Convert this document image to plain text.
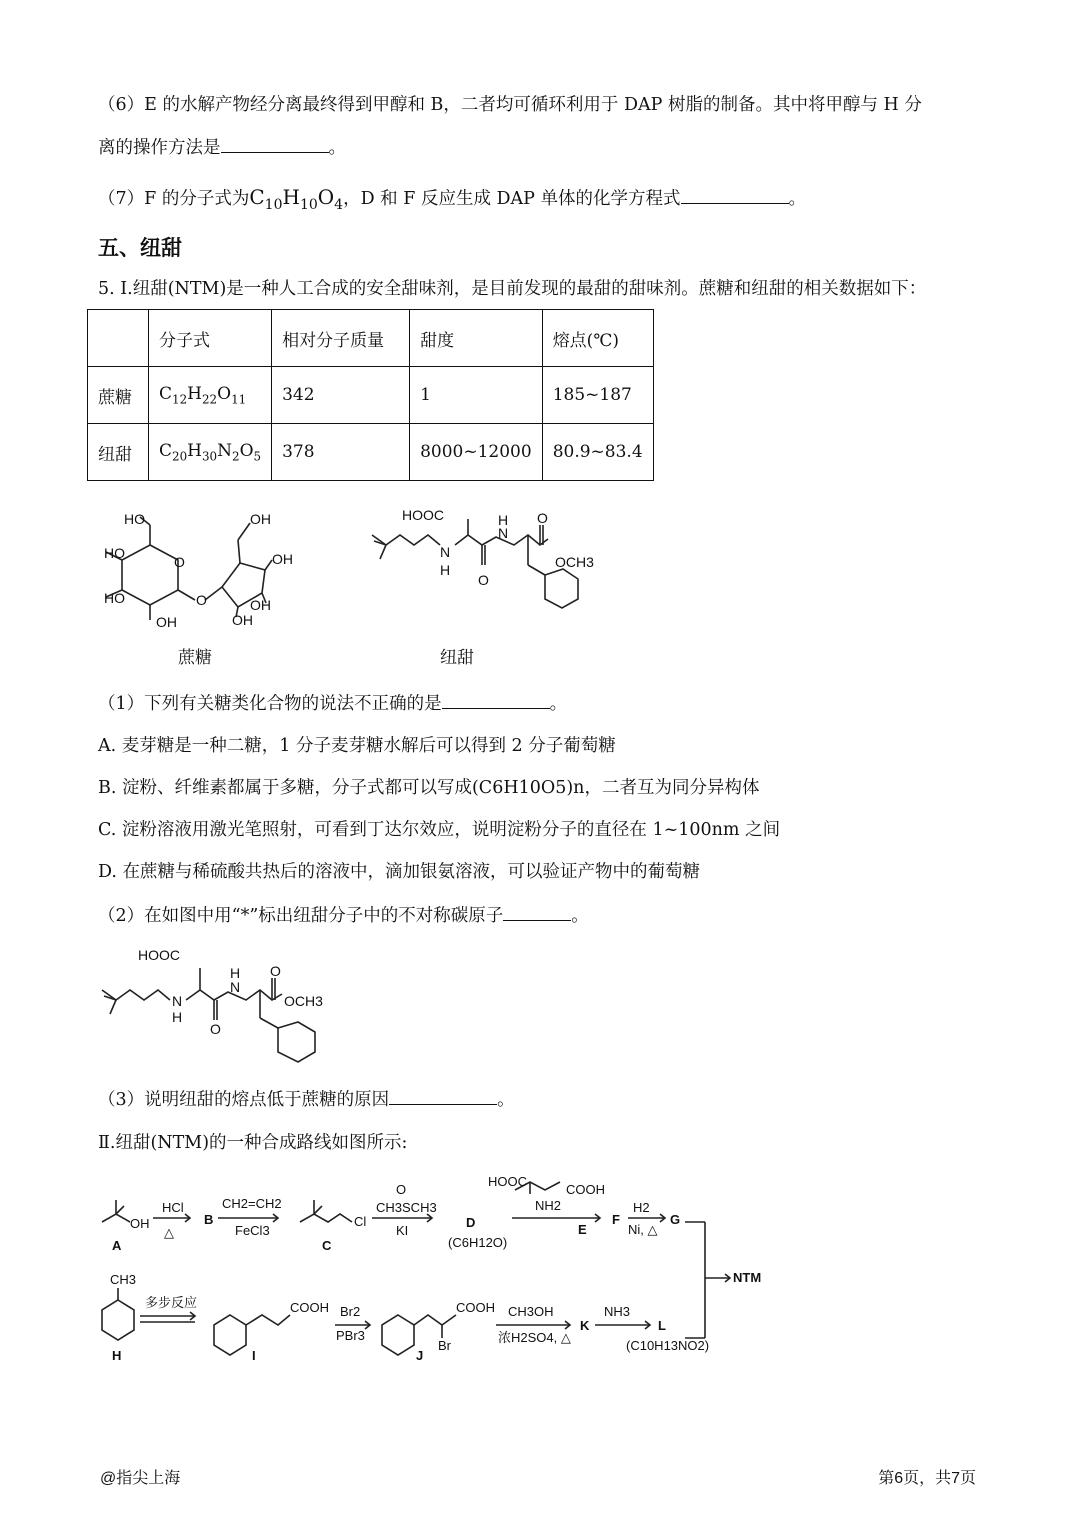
（6）E 的水解产物经分离最终得到甲醇和 B，二者均可循环利用于 DAP 树脂的制备。其中将甲醇与 H 分
离的操作方法是	。
（7）F 的分子式为$C_{10}H_{10}O_4$，D 和 F 反应生成 DAP 单体的化学方程式	。
五、纽甜
5. Ⅰ.纽甜(NTM)是一种人工合成的安全甜味剂，是目前发现的最甜的甜味剂。蔗糖和纽甜的相关数据如下：
	分子式	相对分子质量	甜度	熔点(℃)
蔗糖	$C_{12}H_{22}O_{11}$	342	1	185~187
纽甜	$C_{20}H_{30}N_2O_5$	378	8000~12000	80.9~83.4
HO	OH
HO	OH
HO
OH
OH
O
O
OH
HOOC
N
H
N
H
O
O
OCH3
蔗糖	纽甜
（1）下列有关糖类化合物的说法不正确的是	。
A. 麦芽糖是一种二糖，1 分子麦芽糖水解后可以得到 2 分子葡萄糖
B. 淀粉、纤维素都属于多糖，分子式都可以写成(C6H10O5)n，二者互为同分异构体
C. 淀粉溶液用激光笔照射，可看到丁达尔效应，说明淀粉分子的直径在 1~100nm 之间
D. 在蔗糖与稀硫酸共热后的溶液中，滴加银氨溶液，可以验证产物中的葡萄糖
（2）在如图中用“*”标出纽甜分子中的不对称碳原子	。
HOOC
N
H
N
H
O
O
OCH3
（3）说明纽甜的熔点低于蔗糖的原因	。
Ⅱ.纽甜(NTM)的一种合成路线如图所示:
OH
A
HCl
△
B
CH2=CH2
FeCl3
Cl
C
O
CH3SCH3
KI
D
(C6H12O)
HOOC
COOH
NH2
E
F
H2
Ni, △
G
NTM
CH3
H
多步反应	COOH
I
Br2
PBr3
COOH
Br
J
CH3OH
浓H2SO4, △
K
NH3
L
(C10H13NO2)
@指尖上海	第6页，共7页
